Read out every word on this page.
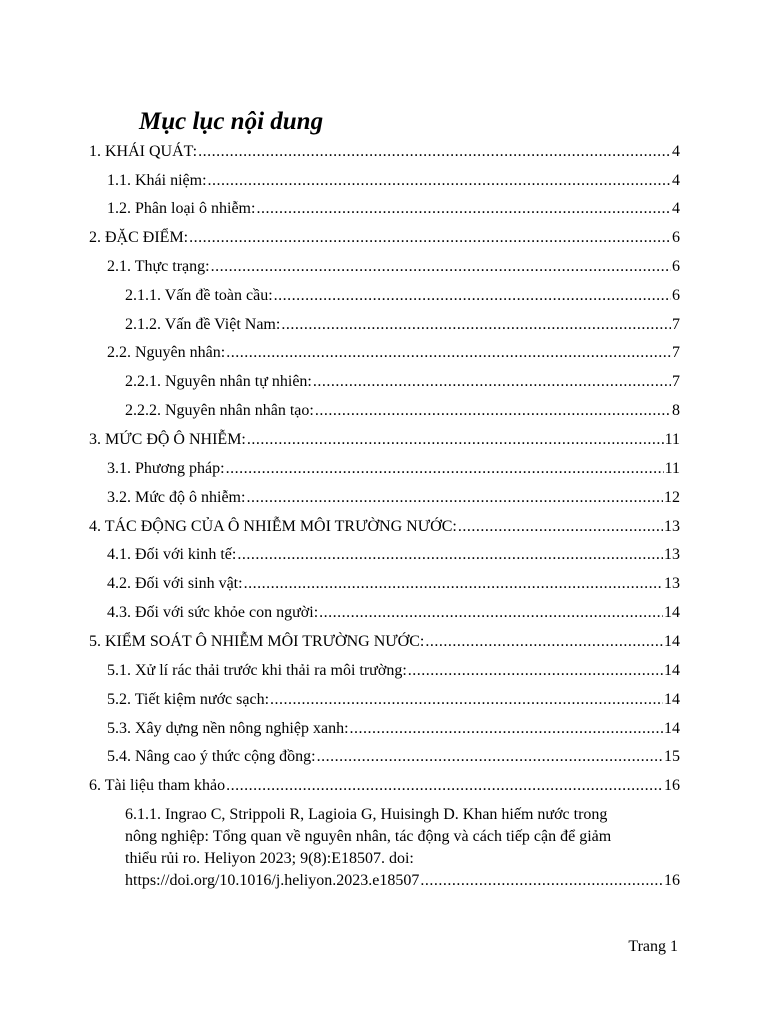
Mục lục nội dung
1. KHÁI QUÁT: .....	4
1.1. Khái niệm: .....	4
1.2. Phân loại ô nhiễm: .....	4
2. ĐẶC ĐIỂM: .....	6
2.1. Thực trạng: .....	6
2.1.1. Vấn đề toàn cầu: .....	6
2.1.2. Vấn đề Việt Nam: .....	7
2.2. Nguyên nhân: .....	7
2.2.1. Nguyên nhân tự nhiên: .....	7
2.2.2. Nguyên nhân nhân tạo: .....	8
3. MỨC ĐỘ Ô NHIỄM: .....	11
3.1. Phương pháp: .....	11
3.2. Mức độ ô nhiễm: .....	12
4. TÁC ĐỘNG CỦA Ô NHIỄM MÔI TRƯỜNG NƯỚC: .....	13
4.1. Đối với kinh tế: .....	13
4.2. Đối với sinh vật: .....	13
4.3. Đối với sức khỏe con người: .....	14
5. KIỂM SOÁT Ô NHIỄM MÔI TRƯỜNG NƯỚC: .....	14
5.1. Xử lí rác thải trước khi thải ra môi trường: .....	14
5.2. Tiết kiệm nước sạch: .....	14
5.3. Xây dựng nền nông nghiệp xanh: .....	14
5.4. Nâng cao ý thức cộng đồng: .....	15
6. Tài liệu tham khảo .....	16
6.1.1. Ingrao C, Strippoli R, Lagioia G, Huisingh D. Khan hiếm nước trong
nông nghiệp: Tổng quan về nguyên nhân, tác động và cách tiếp cận để giảm
thiểu rủi ro. Heliyon 2023; 9(8):E18507. doi:
https://doi.org/10.1016/j.heliyon.2023.e18507 .....	16
Trang 1
